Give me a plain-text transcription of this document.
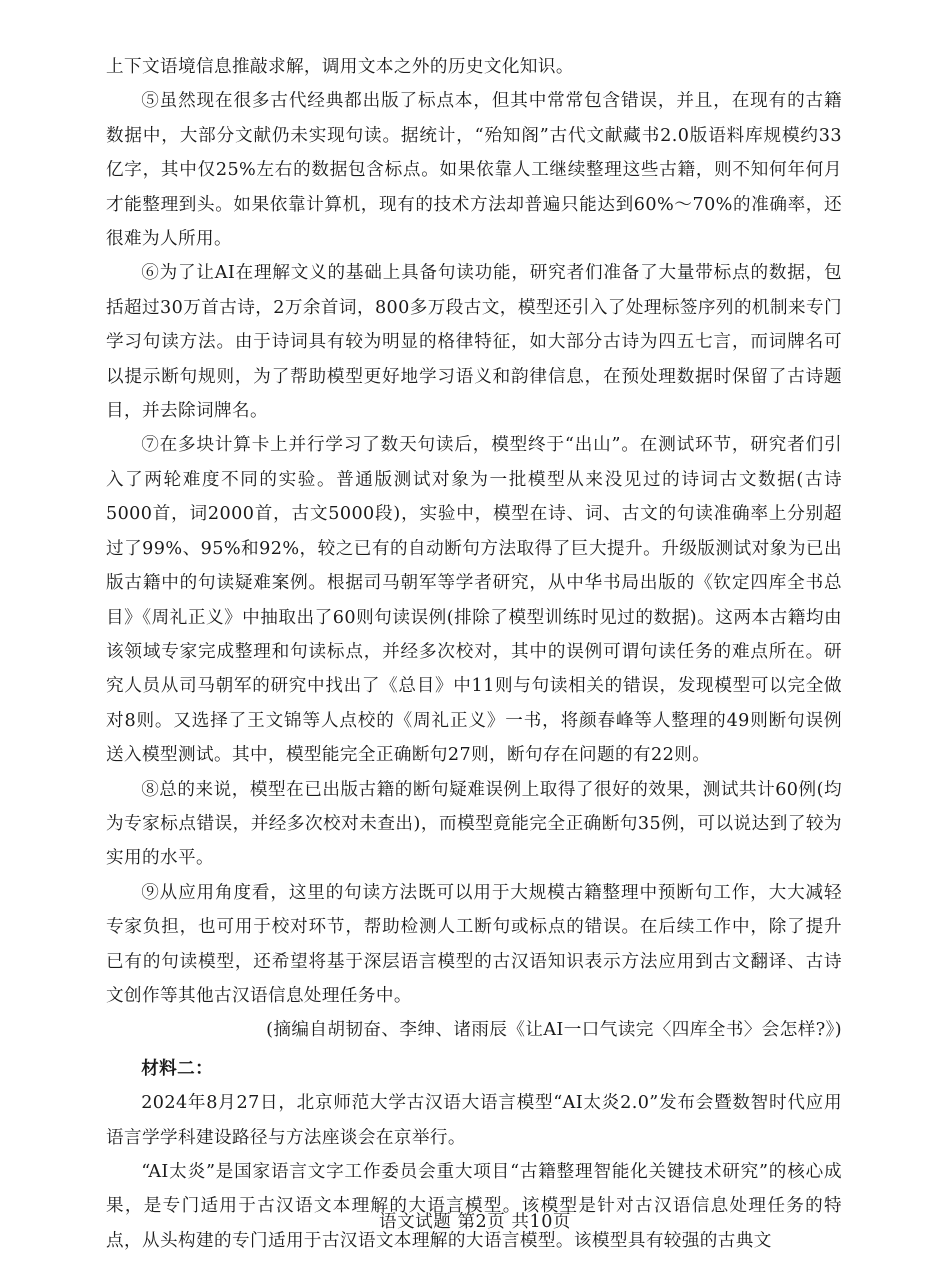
上下文语境信息推敲求解，调用文本之外的历史文化知识。

⑤虽然现在很多古代经典都出版了标点本，但其中常常包含错误，并且，在现有的古籍数据中，大部分文献仍未实现句读。据统计，“殆知阁”古代文献藏书2.0版语料库规模约33亿字，其中仅25%左右的数据包含标点。如果依靠人工继续整理这些古籍，则不知何年何月才能整理到头。如果依靠计算机，现有的技术方法却普遍只能达到60%～70%的准确率，还很难为人所用。

⑥为了让AI在理解文义的基础上具备句读功能，研究者们准备了大量带标点的数据，包括超过30万首古诗，2万余首词，800多万段古文，模型还引入了处理标签序列的机制来专门学习句读方法。由于诗词具有较为明显的格律特征，如大部分古诗为四五七言，而词牌名可以提示断句规则，为了帮助模型更好地学习语义和韵律信息，在预处理数据时保留了古诗题目，并去除词牌名。

⑦在多块计算卡上并行学习了数天句读后，模型终于“出山”。在测试环节，研究者们引入了两轮难度不同的实验。普通版测试对象为一批模型从来没见过的诗词古文数据(古诗5000首，词2000首，古文5000段)，实验中，模型在诗、词、古文的句读准确率上分别超过了99%、95%和92%，较之已有的自动断句方法取得了巨大提升。升级版测试对象为已出版古籍中的句读疑难案例。根据司马朝军等学者研究，从中华书局出版的《钦定四库全书总目》《周礼正义》中抽取出了60则句读误例(排除了模型训练时见过的数据)。这两本古籍均由该领域专家完成整理和句读标点，并经多次校对，其中的误例可谓句读任务的难点所在。研究人员从司马朝军的研究中找出了《总目》中11则与句读相关的错误，发现模型可以完全做对8则。又选择了王文锦等人点校的《周礼正义》一书，将颜春峰等人整理的49则断句误例送入模型测试。其中，模型能完全正确断句27则，断句存在问题的有22则。

⑧总的来说，模型在已出版古籍的断句疑难误例上取得了很好的效果，测试共计60例(均为专家标点错误，并经多次校对未查出)，而模型竟能完全正确断句35例，可以说达到了较为实用的水平。

⑨从应用角度看，这里的句读方法既可以用于大规模古籍整理中预断句工作，大大减轻专家负担，也可用于校对环节，帮助检测人工断句或标点的错误。在后续工作中，除了提升已有的句读模型，还希望将基于深层语言模型的古汉语知识表示方法应用到古文翻译、古诗文创作等其他古汉语信息处理任务中。

(摘编自胡韧奋、李绅、诸雨辰《让AI一口气读完〈四库全书〉会怎样?》)

材料二：

2024年8月27日，北京师范大学古汉语大语言模型“AI太炎2.0”发布会暨数智时代应用语言学学科建设路径与方法座谈会在京举行。

“AI太炎”是国家语言文字工作委员会重大项目“古籍整理智能化关键技术研究”的核心成果，是专门适用于古汉语文本理解的大语言模型。该模型是针对古汉语信息处理任务的特点，从头构建的专门适用于古汉语文本理解的大语言模型。该模型具有较强的古典文

语文试题 第2页 共10页
